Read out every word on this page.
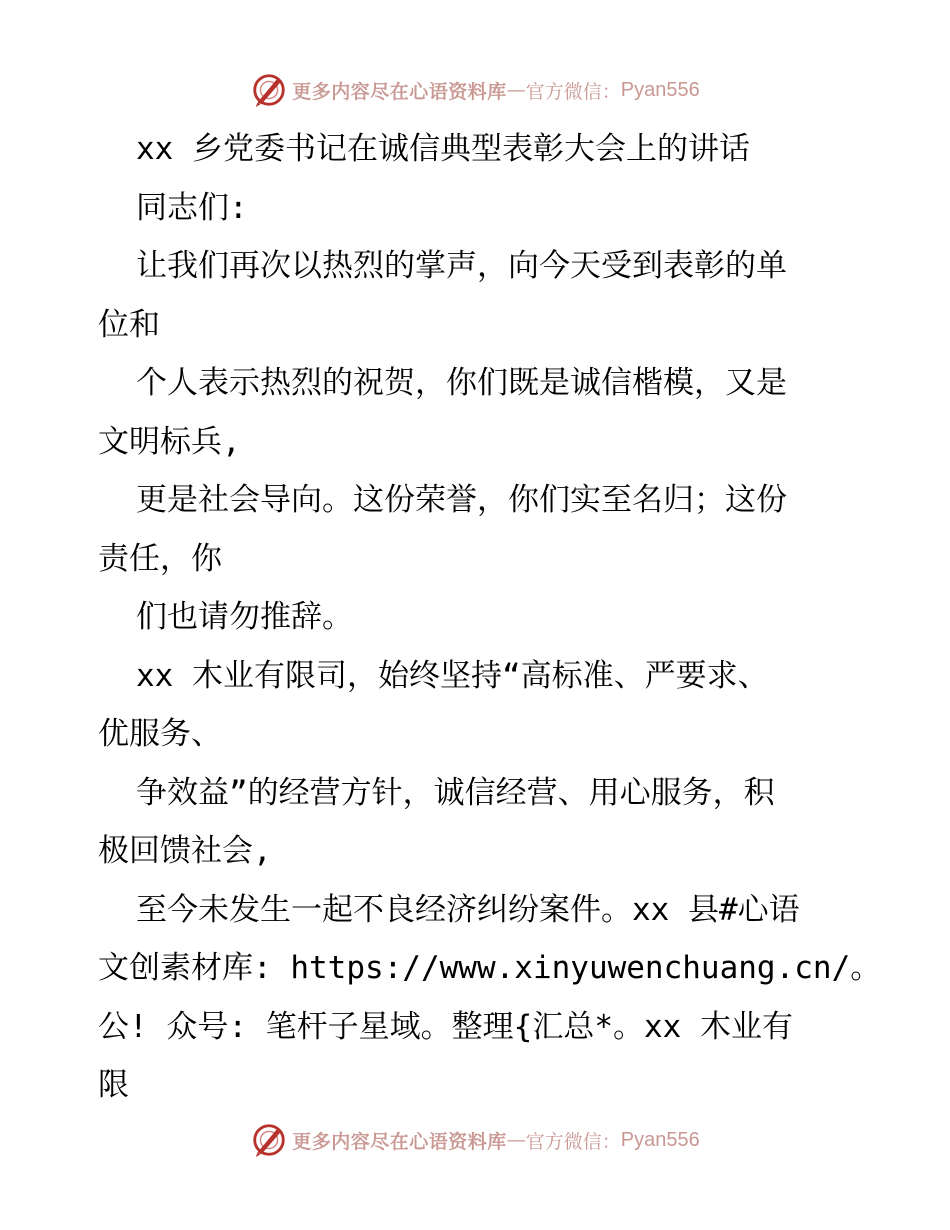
更多内容尽在心语资料库 — 官方微信： Pyan556
xx 乡党委书记在诚信典型表彰大会上的讲话
同志们:
让我们再次以热烈的掌声，向今天受到表彰的单
位和
个人表示热烈的祝贺，你们既是诚信楷模，又是
文明标兵,
更是社会导向。这份荣誉，你们实至名归；这份
责任，你
们也请勿推辞。
xx 木业有限司，始终坚持“高标准、严要求、
优服务、
争效益”的经营方针，诚信经营、用心服务，积
极回馈社会,
至今未发生一起不良经济纠纷案件。xx 县#心语
文创素材库: https://www.xinyuwenchuang.cn/。
公! 众号: 笔杆子星域。整理{汇总*。xx 木业有
限
更多内容尽在心语资料库 — 官方微信： Pyan556
